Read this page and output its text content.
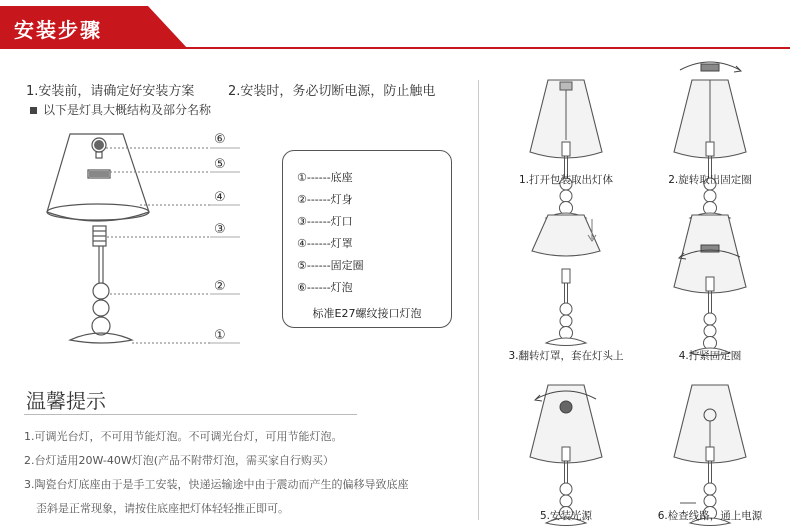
安装步骤
1.安装前，请确定好安装方案	2.安装时，务必切断电源，防止触电
以下是灯具大概结构及部分名称
⑥
⑤
④
③
②
①
①------底座
②------灯身
③------灯口
④------灯罩
⑤------固定圈
⑥------灯泡
标准E27螺纹接口灯泡
温馨提示
1.可调光台灯，不可用节能灯泡。不可调光台灯，可用节能灯泡。
2.台灯适用20W-40W灯泡(产品不附带灯泡，需买家自行购买）
3.陶瓷台灯底座由于是手工安装，快递运输途中由于震动而产生的偏移导致底座
歪斜是正常现象，请按住底座把灯体轻轻推正即可。
1.打开包装取出灯体	2.旋转取出固定圈
3.翻转灯罩，套在灯头上	4.拧紧固定圈
5.安装光源	6.检查线路，通上电源
